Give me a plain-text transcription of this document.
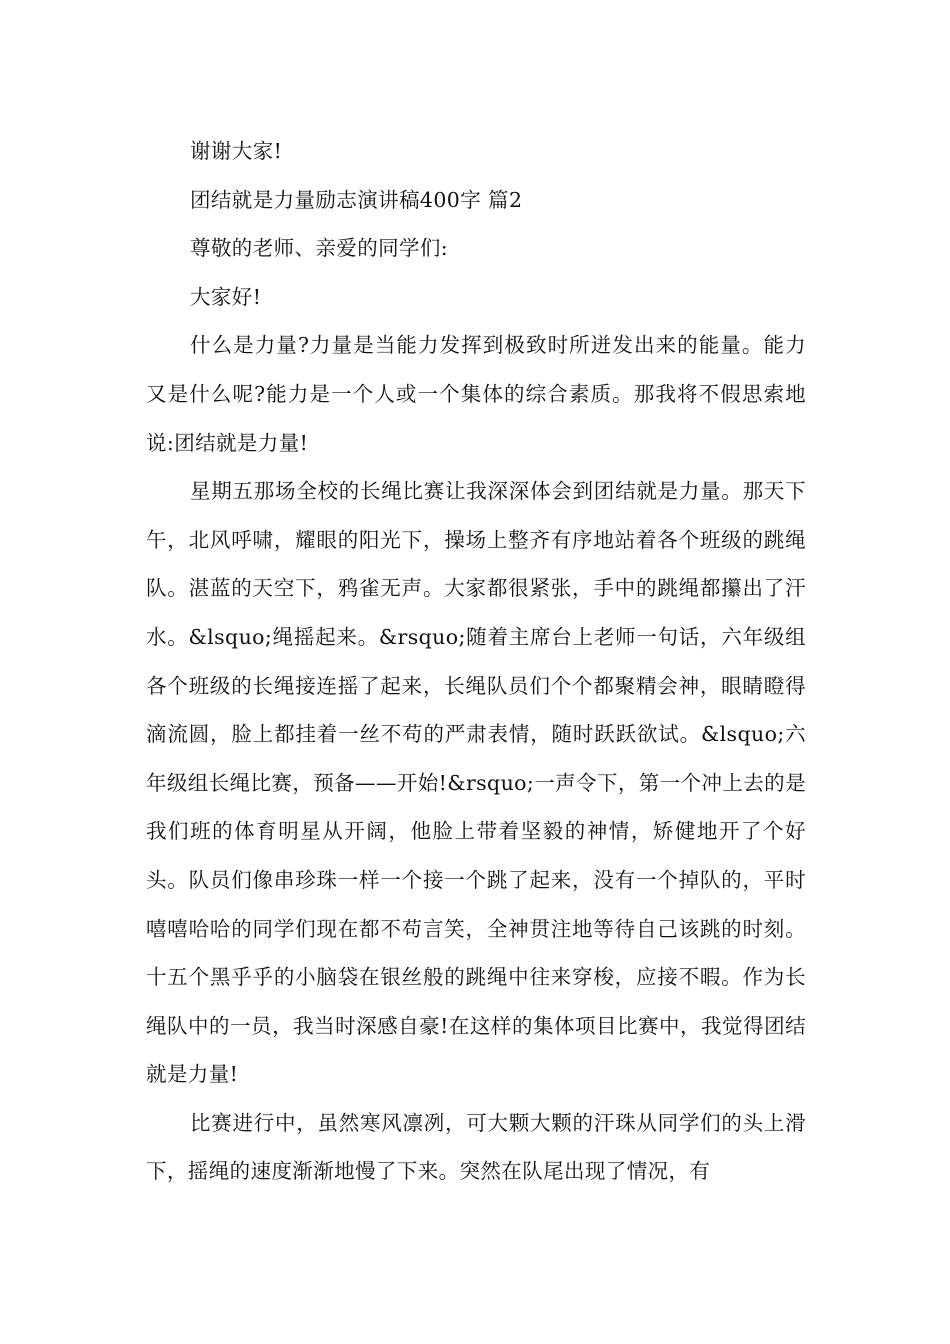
谢谢大家!

团结就是力量励志演讲稿400字 篇2

尊敬的老师、亲爱的同学们:

大家好!

什么是力量?力量是当能力发挥到极致时所迸发出来的能量。能力又是什么呢?能力是一个人或一个集体的综合素质。那我将不假思索地说:团结就是力量!

星期五那场全校的长绳比赛让我深深体会到团结就是力量。那天下午，北风呼啸，耀眼的阳光下，操场上整齐有序地站着各个班级的跳绳队。湛蓝的天空下，鸦雀无声。大家都很紧张，手中的跳绳都攥出了汗水。&lsquo;绳摇起来。&rsquo;随着主席台上老师一句话，六年级组各个班级的长绳接连摇了起来，长绳队员们个个都聚精会神，眼睛瞪得滴流圆，脸上都挂着一丝不苟的严肃表情，随时跃跃欲试。&lsquo;六年级组长绳比赛，预备——开始!&rsquo;一声令下，第一个冲上去的是我们班的体育明星从开阔，他脸上带着坚毅的神情，矫健地开了个好头。队员们像串珍珠一样一个接一个跳了起来，没有一个掉队的，平时嘻嘻哈哈的同学们现在都不苟言笑，全神贯注地等待自己该跳的时刻。十五个黑乎乎的小脑袋在银丝般的跳绳中往来穿梭，应接不暇。作为长绳队中的一员，我当时深感自豪!在这样的集体项目比赛中，我觉得团结就是力量!

比赛进行中，虽然寒风凛冽，可大颗大颗的汗珠从同学们的头上滑下，摇绳的速度渐渐地慢了下来。突然在队尾出现了情况，有
